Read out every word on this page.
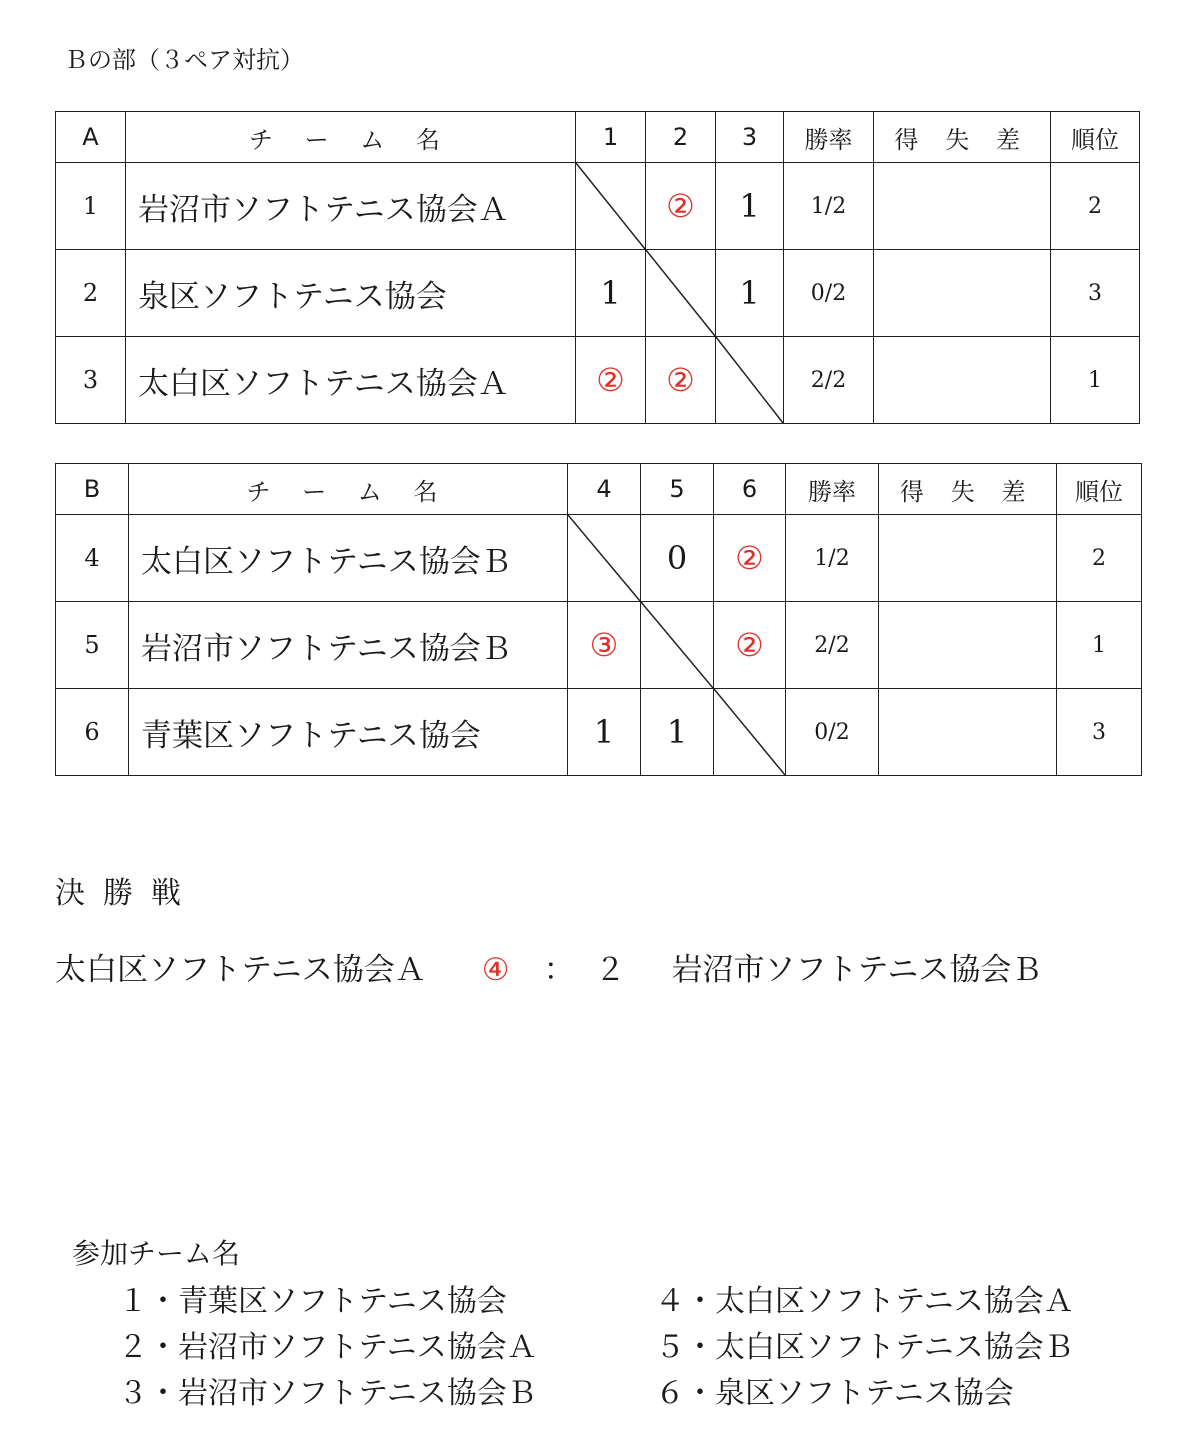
Ｂの部（３ペア対抗）
A	チ ー ム 名	1	2	3	勝率	得 失 差	順位
1	岩沼市ソフトテニス協会Ａ		②	1	1/2		2
2	泉区ソフトテニス協会	1		1	0/2		3
3	太白区ソフトテニス協会Ａ	②	②		2/2		1
B	チ ー ム 名	4	5	6	勝率	得 失 差	順位
4	太白区ソフトテニス協会Ｂ		0	②	1/2		2
5	岩沼市ソフトテニス協会Ｂ	③		②	2/2		1
6	青葉区ソフトテニス協会	1	1		0/2		3
決勝戦
太白区ソフトテニス協会Ａ ④ ： ２ 岩沼市ソフトテニス協会Ｂ
参加チーム名
１・青葉区ソフトテニス協会
２・岩沼市ソフトテニス協会Ａ
３・岩沼市ソフトテニス協会Ｂ
４・太白区ソフトテニス協会Ａ
５・太白区ソフトテニス協会Ｂ
６・泉区ソフトテニス協会
